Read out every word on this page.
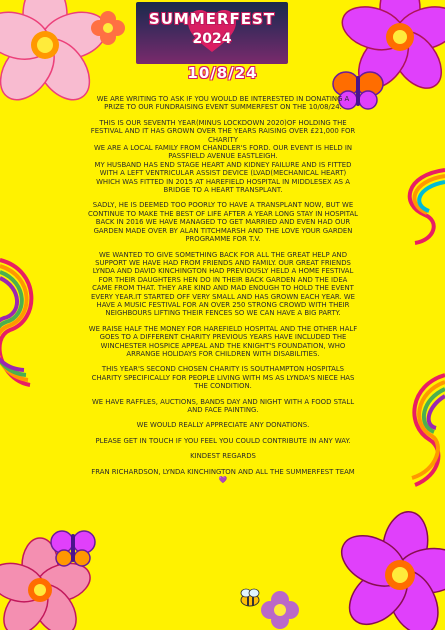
SUMMERFEST
2024
10/8/24

WE ARE WRITING TO ASK IF YOU WOULD BE INTERESTED IN DONATING A PRIZE TO OUR FUNDRAISING EVENT SUMMERFEST ON THE 10/08/24.

THIS IS OUR SEVENTH YEAR(MINUS LOCKDOWN 2020)OF HOLDING THE FESTIVAL AND IT HAS GROWN OVER THE YEARS RAISING OVER £21,000 FOR CHARITY
WE ARE A LOCAL FAMILY FROM CHANDLER'S FORD. OUR EVENT IS HELD IN PASSFIELD AVENUE EASTLEIGH.
MY HUSBAND HAS END STAGE HEART AND KIDNEY FAILURE AND IS FITTED WITH A LEFT VENTRICULAR ASSIST DEVICE (LVAD(MECHANICAL HEART) WHICH WAS FITTED IN 2015 AT HAREFIELD HOSPITAL IN MIDDLESEX AS A BRIDGE TO A HEART TRANSPLANT.

SADLY, HE IS DEEMED TOO POORLY TO HAVE A TRANSPLANT NOW, BUT WE CONTINUE TO MAKE THE BEST OF LIFE AFTER A YEAR LONG STAY IN HOSPITAL BACK IN 2016 WE HAVE MANAGED TO GET MARRIED AND EVEN HAD OUR GARDEN MADE OVER BY ALAN TITCHMARSH AND THE LOVE YOUR GARDEN PROGRAMME FOR T.V.

WE WANTED TO GIVE SOMETHING BACK FOR ALL THE GREAT HELP AND SUPPORT WE HAVE HAD FROM FRIENDS AND FAMILY. OUR GREAT FRIENDS LYNDA AND DAVID KINCHINGTON HAD PREVIOUSLY HELD A HOME FESTIVAL FOR THEIR DAUGHTERS HEN DO IN THEIR BACK GARDEN AND THE IDEA CAME FROM THAT. THEY ARE KIND AND MAD ENOUGH TO HOLD THE EVENT EVERY YEAR.IT STARTED OFF VERY SMALL AND HAS GROWN EACH YEAR. WE HAVE A MUSIC FESTIVAL FOR AN OVER 250 STRONG CROWD WITH THEIR NEIGHBOURS LIFTING THEIR FENCES SO WE CAN HAVE A BIG PARTY.

WE RAISE HALF THE MONEY FOR HAREFIELD HOSPITAL AND THE OTHER HALF GOES TO A DIFFERENT CHARITY PREVIOUS YEARS HAVE INCLUDED THE WINCHESTER HOSPICE APPEAL AND THE KNIGHT'S FOUNDATION, WHO ARRANGE HOLIDAYS FOR CHILDREN WITH DISABILITIES.

THIS YEAR'S SECOND CHOSEN CHARITY IS SOUTHAMPTON HOSPITALS CHARITY SPECIFICALLY FOR PEOPLE LIVING WITH MS AS LYNDA'S NIECE HAS THE CONDITION.

WE HAVE RAFFLES, AUCTIONS, BANDS DAY AND NIGHT WITH A FOOD STALL AND FACE PAINTING.

WE WOULD REALLY APPRECIATE ANY DONATIONS.

PLEASE GET IN TOUCH IF YOU FEEL YOU COULD CONTRIBUTE IN ANY WAY.

KINDEST REGARDS

FRAN RICHARDSON, LYNDA KINCHINGTON AND ALL THE SUMMERFEST TEAM 💜
